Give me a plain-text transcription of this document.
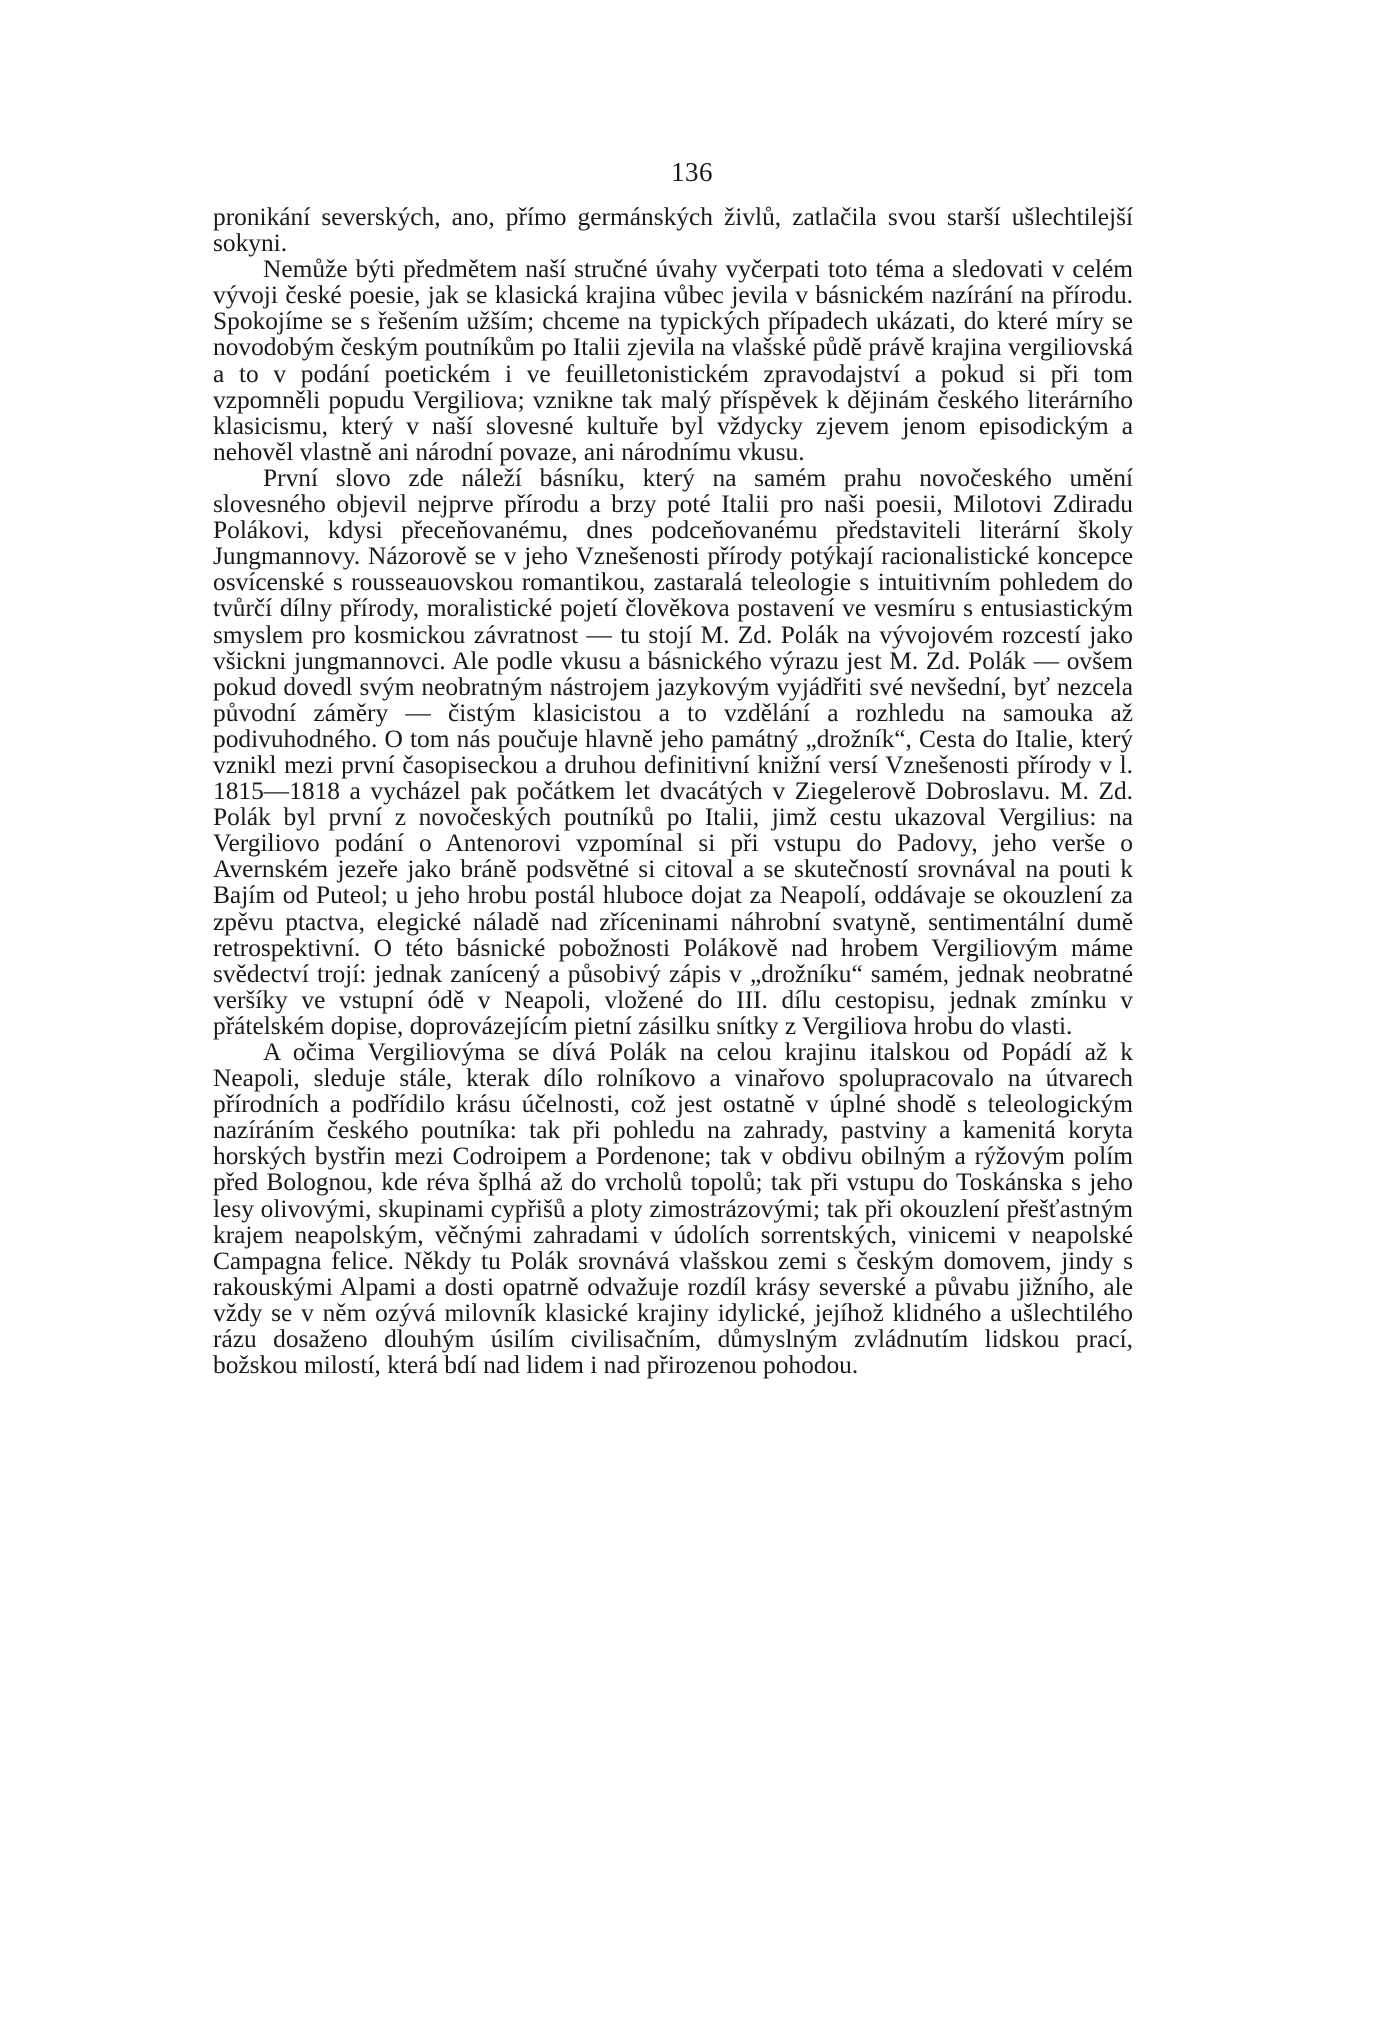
136

pronikání severských, ano, přímo germánských živlů, zatlačila svou starší ušlechtilejší sokyni.

Nemůže býti předmětem naší stručné úvahy vyčerpati toto téma a sledovati v celém vývoji české poesie, jak se klasická krajina vůbec jevila v básnickém nazírání na přírodu. Spokojíme se s řešením užším; chceme na typických případech ukázati, do které míry se novodobým českým poutníkům po Italii zjevila na vlašské půdě právě krajina vergiliovská a to v podání poetickém i ve feuilletonistickém zpravodajství a pokud si při tom vzpomněli popudu Vergiliova; vznikne tak malý příspěvek k dějinám českého literárního klasicismu, který v naší slovesné kultuře byl vždycky zjevem jenom episodickým a nehověl vlastně ani národní povaze, ani národnímu vkusu.

První slovo zde náleží básníku, který na samém prahu novočeského umění slovesného objevil nejprve přírodu a brzy poté Italii pro naši poesii, Milotovi Zdiradu Polákovi, kdysi přeceňovanému, dnes podceňovanému představiteli literární školy Jungmannovy. Názorově se v jeho Vznešenosti přírody potýkají racionalistické koncepce osvícenské s rousseauovskou romantikou, zastaralá teleologie s intuitivním pohledem do tvůrčí dílny přírody, moralistické pojetí člověkova postavení ve vesmíru s entusiastickým smyslem pro kosmickou závratnost — tu stojí M. Zd. Polák na vývojovém rozcestí jako všickni jungmannovci. Ale podle vkusu a básnického výrazu jest M. Zd. Polák — ovšem pokud dovedl svým neobratným nástrojem jazykovým vyjádřiti své nevšední, byť nezcela původní záměry — čistým klasicistou a to vzdělání a rozhledu na samouka až podivuhodného. O tom nás poučuje hlavně jeho památný „drožník“, Cesta do Italie, který vznikl mezi první časopiseckou a druhou definitivní knižní versí Vznešenosti přírody v l. 1815—1818 a vycházel pak počátkem let dvacátých v Ziegelerově Dobroslavu. M. Zd. Polák byl první z novočeských poutníků po Italii, jimž cestu ukazoval Vergilius: na Vergiliovo podání o Antenorovi vzpomínal si při vstupu do Padovy, jeho verše o Avernském jezeře jako bráně podsvětné si citoval a se skutečností srovnával na pouti k Bajím od Puteol; u jeho hrobu postál hluboce dojat za Neapolí, oddávaje se okouzlení za zpěvu ptactva, elegické náladě nad zříceninami náhrobní svatyně, sentimentální dumě retrospektivní. O této básnické pobožnosti Polákově nad hrobem Vergiliovým máme svědectví trojí: jednak zanícený a působivý zápis v „drožníku“ samém, jednak neobratné veršíky ve vstupní ódě v Neapoli, vložené do III. dílu cestopisu, jednak zmínku v přátelském dopise, doprovázejícím pietní zásilku snítky z Vergiliova hrobu do vlasti.

A očima Vergiliovýma se dívá Polák na celou krajinu italskou od Popádí až k Neapoli, sleduje stále, kterak dílo rolníkovo a vinařovo spolupracovalo na útvarech přírodních a podřídilo krásu účelnosti, což jest ostatně v úplné shodě s teleologickým nazíráním českého poutníka: tak při pohledu na zahrady, pastviny a kamenitá koryta horských bystřin mezi Codroipem a Pordenone; tak v obdivu obilným a rýžovým polím před Bolognou, kde réva šplhá až do vrcholů topolů; tak při vstupu do Toskánska s jeho lesy olivovými, skupinami cypřišů a ploty zimostrázovými; tak při okouzlení přešťastným krajem neapolským, věčnými zahradami v údolích sorrentských, vinicemi v neapolské Campagna felice. Někdy tu Polák srovnává vlašskou zemi s českým domovem, jindy s rakouskými Alpami a dosti opatrně odvažuje rozdíl krásy severské a půvabu jižního, ale vždy se v něm ozývá milovník klasické krajiny idylické, jejíhož klidného a ušlechtilého rázu dosaženo dlouhým úsilím civilisačním, důmyslným zvládnutím lidskou prací, božskou milostí, která bdí nad lidem i nad přirozenou pohodou.
